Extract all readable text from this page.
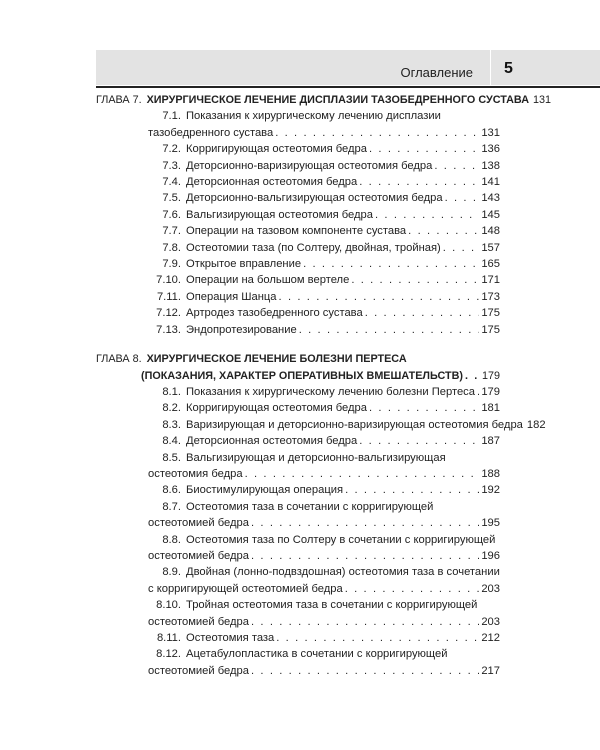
Оглавление 5
ГЛАВА 7. ХИРУРГИЧЕСКОЕ ЛЕЧЕНИЕ ДИСПЛАЗИИ ТАЗОБЕДРЕННОГО СУСТАВА 131
7.1. Показания к хирургическому лечению дисплазии
тазобедренного сустава . . .	131
7.2. Корригирующая остеотомия бедра . . .	136
7.3. Деторсионно-варизирующая остеотомия бедра . . .	138
7.4. Деторсионная остеотомия бедра . . .	141
7.5. Деторсионно-вальгизирующая остеотомия бедра . . .	143
7.6. Вальгизирующая остеотомия бедра . . .	145
7.7. Операции на тазовом компоненте сустава . . .	148
7.8. Остеотомии таза (по Солтеру, двойная, тройная) . . .	157
7.9. Открытое вправление . . .	165
7.10. Операции на большом вертеле . . .	171
7.11. Операция Шанца . . .	173
7.12. Артродез тазобедренного сустава . . .	175
7.13. Эндопротезирование . . .	175
ГЛАВА 8. ХИРУРГИЧЕСКОЕ ЛЕЧЕНИЕ БОЛЕЗНИ ПЕРТЕСА
(ПОКАЗАНИЯ, ХАРАКТЕР ОПЕРАТИВНЫХ ВМЕШАТЕЛЬСТВ) . . . 179
8.1. Показания к хирургическому лечению болезни Пертеса . . . 179
8.2. Корригирующая остеотомия бедра . . .	181
8.3. Варизирующая и деторсионно-варизирующая остеотомия бедра 182
8.4. Деторсионная остеотомия бедра . . .	187
8.5. Вальгизирующая и деторсионно-вальгизирующая
остеотомия бедра . . .	188
8.6. Биостимулирующая операция . . .	192
8.7. Остеотомия таза в сочетании с корригирующей
остеотомией бедра . . .	195
8.8. Остеотомия таза по Солтеру в сочетании с корригирующей
остеотомией бедра . . .	196
8.9. Двойная (лонно-подвздошная) остеотомия таза в сочетании
с корригирующей остеотомией бедра . . .	203
8.10. Тройная остеотомия таза в сочетании с корригирующей
остеотомией бедра . . .	203
8.11. Остеотомия таза . . .	212
8.12. Ацетабулопластика в сочетании с корригирующей
остеотомией бедра . . .	217
